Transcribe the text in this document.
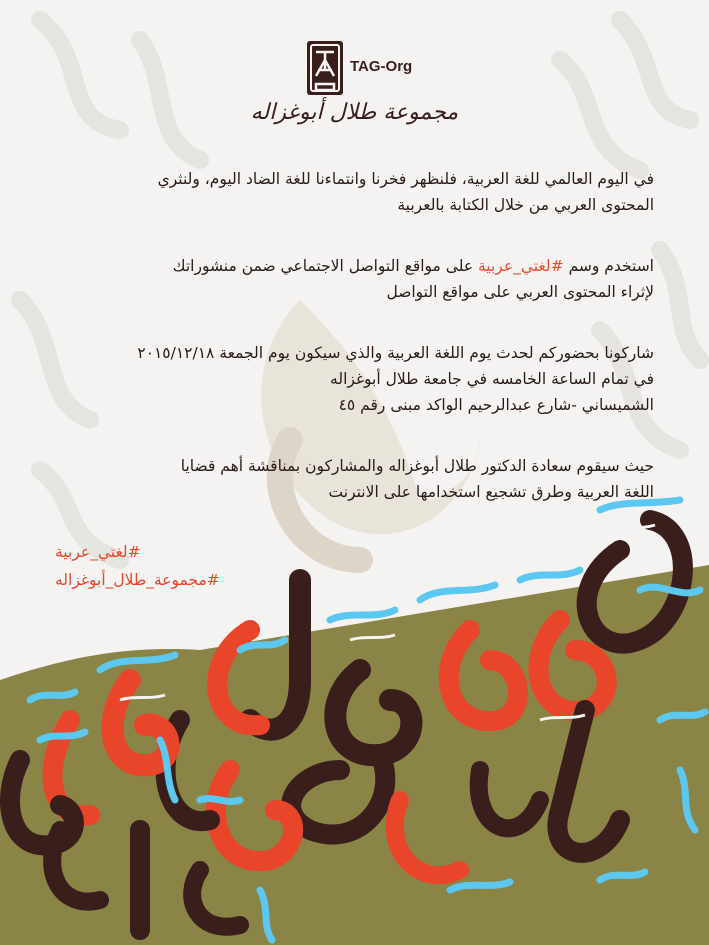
TAG-Org
مجموعة طلال أبوغزاله
في اليوم العالمي للغة العربية، فلنظهر فخرنا وانتماءنا للغة الضاد اليوم، ولنثري
المحتوى العربي من خلال الكتابة بالعربية
استخدم وسم #لغتي_عربية على مواقع التواصل الاجتماعي ضمن منشوراتك
لإثراء المحتوى العربي على مواقع التواصل
شاركونا بحضوركم لحدث يوم اللغة العربية والذي سيكون يوم الجمعة ٢٠١٥/١٢/١٨
في تمام الساعة الخامسه في جامعة طلال أبوغزاله
الشميساني -شارع عبدالرحيم الواكد مبنى رقم ٤٥
حيث سيقوم سعادة الدكتور طلال أبوغزاله والمشاركون بمناقشة أهم قضايا
اللغة العربية وطرق تشجيع استخدامها على الانترنت
#لغتي_عربية
#مجموعة_طلال_أبوغزاله
